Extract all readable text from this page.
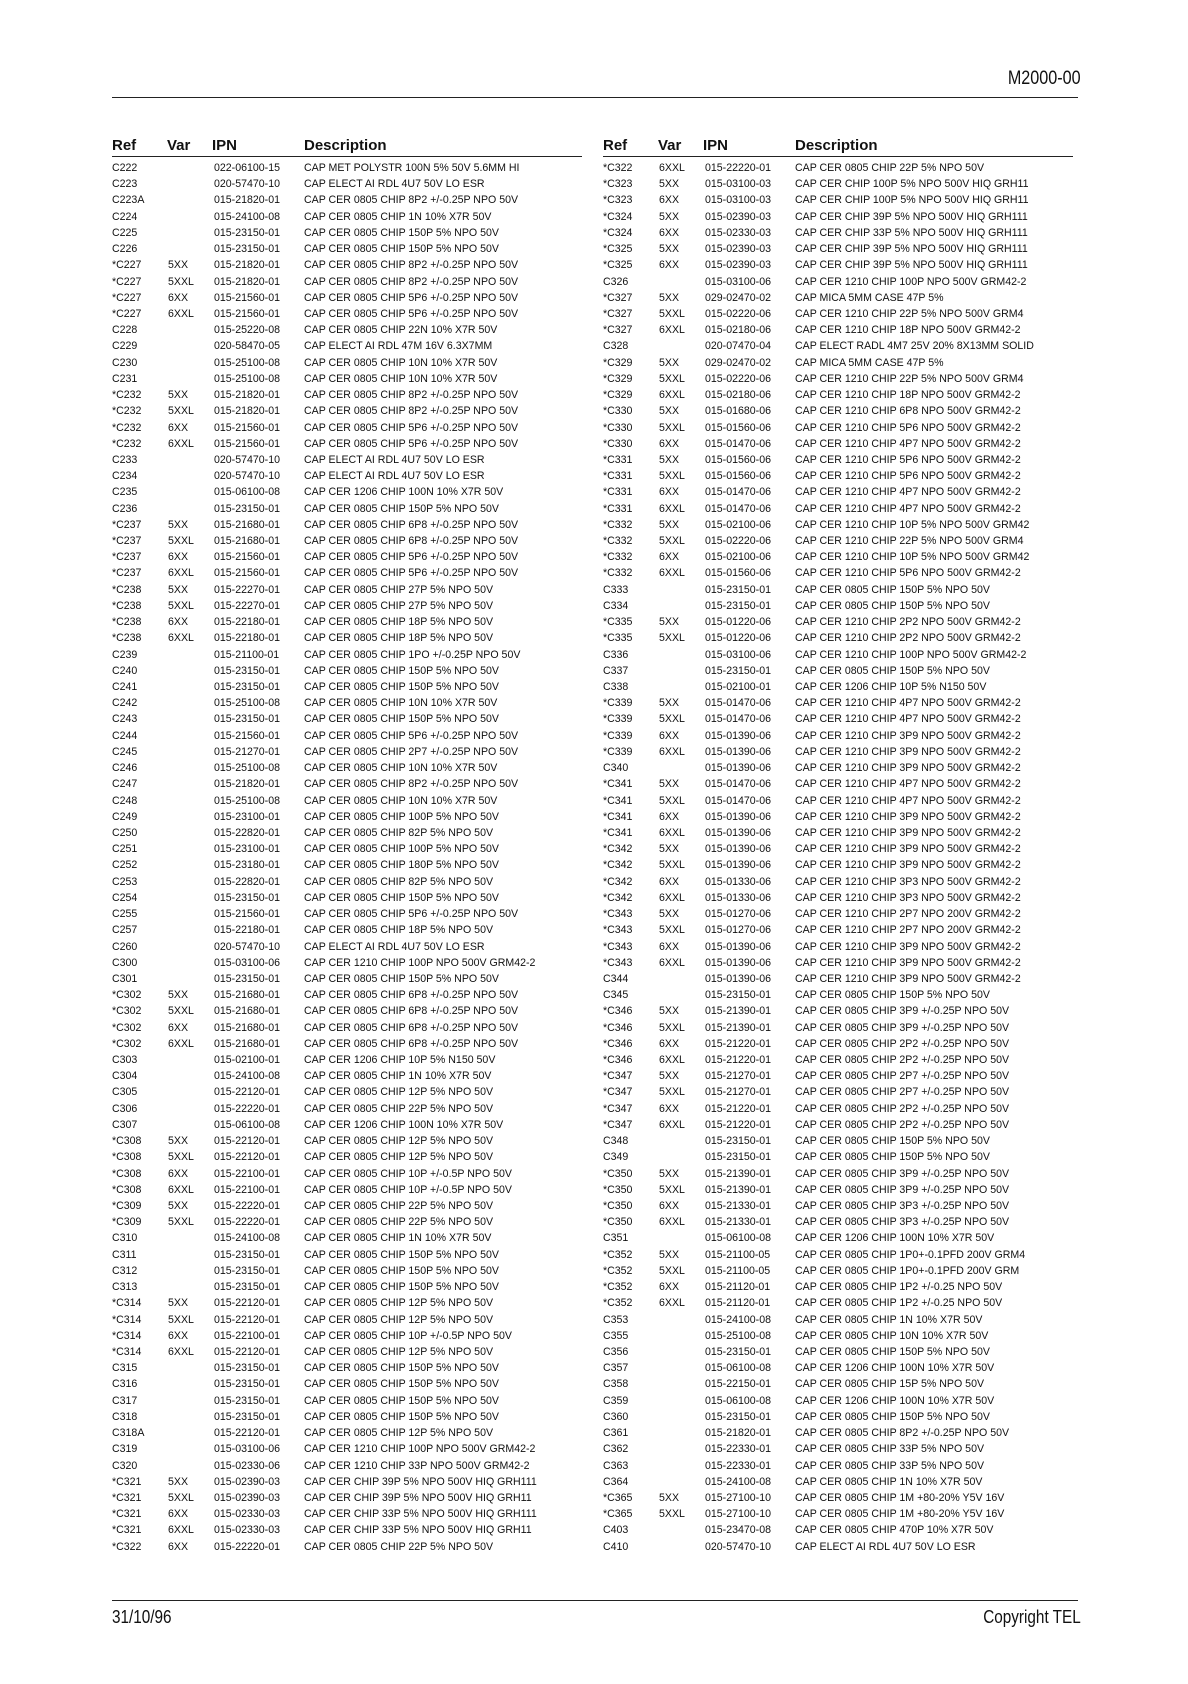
M2000-00
Ref Var IPN	Description
C222	022-06100-15 CAP MET POLYSTR 100N 5% 50V 5.6MM HI
C223	020-57470-10 CAP ELECT AI RDL 4U7 50V LO ESR
C223A	015-21820-01 CAP CER 0805 CHIP 8P2 +/-0.25P NPO 50V
C224	015-24100-08 CAP CER 0805 CHIP 1N 10% X7R 50V
C225	015-23150-01 CAP CER 0805 CHIP 150P 5% NPO 50V
C226	015-23150-01 CAP CER 0805 CHIP 150P 5% NPO 50V
*C227	5XX 015-21820-01 CAP CER 0805 CHIP 8P2 +/-0.25P NPO 50V
*C227	5XXL 015-21820-01 CAP CER 0805 CHIP 8P2 +/-0.25P NPO 50V
*C227	6XX 015-21560-01 CAP CER 0805 CHIP 5P6 +/-0.25P NPO 50V
*C227	6XXL 015-21560-01 CAP CER 0805 CHIP 5P6 +/-0.25P NPO 50V
C228	015-25220-08 CAP CER 0805 CHIP 22N 10% X7R 50V
C229	020-58470-05 CAP ELECT AI RDL 47M 16V 6.3X7MM
C230	015-25100-08 CAP CER 0805 CHIP 10N 10% X7R 50V
C231	015-25100-08 CAP CER 0805 CHIP 10N 10% X7R 50V
*C232	5XX 015-21820-01 CAP CER 0805 CHIP 8P2 +/-0.25P NPO 50V
*C232	5XXL 015-21820-01 CAP CER 0805 CHIP 8P2 +/-0.25P NPO 50V
*C232	6XX 015-21560-01 CAP CER 0805 CHIP 5P6 +/-0.25P NPO 50V
*C232	6XXL 015-21560-01 CAP CER 0805 CHIP 5P6 +/-0.25P NPO 50V
C233	020-57470-10 CAP ELECT AI RDL 4U7 50V LO ESR
C234	020-57470-10 CAP ELECT AI RDL 4U7 50V LO ESR
C235	015-06100-08 CAP CER 1206 CHIP 100N 10% X7R 50V
C236	015-23150-01 CAP CER 0805 CHIP 150P 5% NPO 50V
*C237	5XX 015-21680-01 CAP CER 0805 CHIP 6P8 +/-0.25P NPO 50V
*C237	5XXL 015-21680-01 CAP CER 0805 CHIP 6P8 +/-0.25P NPO 50V
*C237	6XX 015-21560-01 CAP CER 0805 CHIP 5P6 +/-0.25P NPO 50V
*C237	6XXL 015-21560-01 CAP CER 0805 CHIP 5P6 +/-0.25P NPO 50V
*C238	5XX 015-22270-01 CAP CER 0805 CHIP 27P 5% NPO 50V
*C238	5XXL 015-22270-01 CAP CER 0805 CHIP 27P 5% NPO 50V
*C238	6XX 015-22180-01 CAP CER 0805 CHIP 18P 5% NPO 50V
*C238	6XXL 015-22180-01 CAP CER 0805 CHIP 18P 5% NPO 50V
C239	015-21100-01 CAP CER 0805 CHIP 1PO +/-0.25P NPO 50V
C240	015-23150-01 CAP CER 0805 CHIP 150P 5% NPO 50V
C241	015-23150-01 CAP CER 0805 CHIP 150P 5% NPO 50V
C242	015-25100-08 CAP CER 0805 CHIP 10N 10% X7R 50V
C243	015-23150-01 CAP CER 0805 CHIP 150P 5% NPO 50V
C244	015-21560-01 CAP CER 0805 CHIP 5P6 +/-0.25P NPO 50V
C245	015-21270-01 CAP CER 0805 CHIP 2P7 +/-0.25P NPO 50V
C246	015-25100-08 CAP CER 0805 CHIP 10N 10% X7R 50V
C247	015-21820-01 CAP CER 0805 CHIP 8P2 +/-0.25P NPO 50V
C248	015-25100-08 CAP CER 0805 CHIP 10N 10% X7R 50V
C249	015-23100-01 CAP CER 0805 CHIP 100P 5% NPO 50V
C250	015-22820-01 CAP CER 0805 CHIP 82P 5% NPO 50V
C251	015-23100-01 CAP CER 0805 CHIP 100P 5% NPO 50V
C252	015-23180-01 CAP CER 0805 CHIP 180P 5% NPO 50V
C253	015-22820-01 CAP CER 0805 CHIP 82P 5% NPO 50V
C254	015-23150-01 CAP CER 0805 CHIP 150P 5% NPO 50V
C255	015-21560-01 CAP CER 0805 CHIP 5P6 +/-0.25P NPO 50V
C257	015-22180-01 CAP CER 0805 CHIP 18P 5% NPO 50V
C260	020-57470-10 CAP ELECT AI RDL 4U7 50V LO ESR
C300	015-03100-06 CAP CER 1210 CHIP 100P NPO 500V GRM42-2
C301	015-23150-01 CAP CER 0805 CHIP 150P 5% NPO 50V
*C302	5XX 015-21680-01 CAP CER 0805 CHIP 6P8 +/-0.25P NPO 50V
*C302	5XXL 015-21680-01 CAP CER 0805 CHIP 6P8 +/-0.25P NPO 50V
*C302	6XX 015-21680-01 CAP CER 0805 CHIP 6P8 +/-0.25P NPO 50V
*C302	6XXL 015-21680-01 CAP CER 0805 CHIP 6P8 +/-0.25P NPO 50V
C303	015-02100-01 CAP CER 1206 CHIP 10P 5% N150 50V
C304	015-24100-08 CAP CER 0805 CHIP 1N 10% X7R 50V
C305	015-22120-01 CAP CER 0805 CHIP 12P 5% NPO 50V
C306	015-22220-01 CAP CER 0805 CHIP 22P 5% NPO 50V
C307	015-06100-08 CAP CER 1206 CHIP 100N 10% X7R 50V
*C308	5XX 015-22120-01 CAP CER 0805 CHIP 12P 5% NPO 50V
*C308	5XXL 015-22120-01 CAP CER 0805 CHIP 12P 5% NPO 50V
*C308	6XX 015-22100-01 CAP CER 0805 CHIP 10P +/-0.5P NPO 50V
*C308	6XXL 015-22100-01 CAP CER 0805 CHIP 10P +/-0.5P NPO 50V
*C309	5XX 015-22220-01 CAP CER 0805 CHIP 22P 5% NPO 50V
*C309	5XXL 015-22220-01 CAP CER 0805 CHIP 22P 5% NPO 50V
C310	015-24100-08 CAP CER 0805 CHIP 1N 10% X7R 50V
C311	015-23150-01 CAP CER 0805 CHIP 150P 5% NPO 50V
C312	015-23150-01 CAP CER 0805 CHIP 150P 5% NPO 50V
C313	015-23150-01 CAP CER 0805 CHIP 150P 5% NPO 50V
*C314	5XX 015-22120-01 CAP CER 0805 CHIP 12P 5% NPO 50V
*C314	5XXL 015-22120-01 CAP CER 0805 CHIP 12P 5% NPO 50V
*C314	6XX 015-22100-01 CAP CER 0805 CHIP 10P +/-0.5P NPO 50V
*C314	6XXL 015-22120-01 CAP CER 0805 CHIP 12P 5% NPO 50V
C315	015-23150-01 CAP CER 0805 CHIP 150P 5% NPO 50V
C316	015-23150-01 CAP CER 0805 CHIP 150P 5% NPO 50V
C317	015-23150-01 CAP CER 0805 CHIP 150P 5% NPO 50V
C318	015-23150-01 CAP CER 0805 CHIP 150P 5% NPO 50V
C318A	015-22120-01 CAP CER 0805 CHIP 12P 5% NPO 50V
C319	015-03100-06 CAP CER 1210 CHIP 100P NPO 500V GRM42-2
C320	015-02330-06 CAP CER 1210 CHIP 33P NPO 500V GRM42-2
*C321	5XX 015-02390-03 CAP CER CHIP 39P 5% NPO 500V HIQ GRH111
*C321	5XXL 015-02390-03 CAP CER CHIP 39P 5% NPO 500V HIQ GRH11
*C321	6XX 015-02330-03 CAP CER CHIP 33P 5% NPO 500V HIQ GRH111
*C321	6XXL 015-02330-03 CAP CER CHIP 33P 5% NPO 500V HIQ GRH11
*C322	6XX 015-22220-01 CAP CER 0805 CHIP 22P 5% NPO 50V
Ref Var IPN	Description
*C322	6XXL 015-22220-01 CAP CER 0805 CHIP 22P 5% NPO 50V
*C323	5XX 015-03100-03 CAP CER CHIP 100P 5% NPO 500V HIQ GRH11
*C323	6XX 015-03100-03 CAP CER CHIP 100P 5% NPO 500V HIQ GRH11
*C324	5XX 015-02390-03 CAP CER CHIP 39P 5% NPO 500V HIQ GRH111
*C324	6XX 015-02330-03 CAP CER CHIP 33P 5% NPO 500V HIQ GRH111
*C325	5XX 015-02390-03 CAP CER CHIP 39P 5% NPO 500V HIQ GRH111
*C325	6XX 015-02390-03 CAP CER CHIP 39P 5% NPO 500V HIQ GRH111
C326	015-03100-06 CAP CER 1210 CHIP 100P NPO 500V GRM42-2
*C327	5XX 029-02470-02 CAP MICA 5MM CASE 47P 5%
*C327	5XXL 015-02220-06 CAP CER 1210 CHIP 22P 5% NPO 500V GRM4
*C327	6XXL 015-02180-06 CAP CER 1210 CHIP 18P NPO 500V GRM42-2
C328	020-07470-04 CAP ELECT RADL 4M7 25V 20% 8X13MM SOLID
*C329	5XX 029-02470-02 CAP MICA 5MM CASE 47P 5%
*C329	5XXL 015-02220-06 CAP CER 1210 CHIP 22P 5% NPO 500V GRM4
*C329	6XXL 015-02180-06 CAP CER 1210 CHIP 18P NPO 500V GRM42-2
*C330	5XX 015-01680-06 CAP CER 1210 CHIP 6P8 NPO 500V GRM42-2
*C330	5XXL 015-01560-06 CAP CER 1210 CHIP 5P6 NPO 500V GRM42-2
*C330	6XX 015-01470-06 CAP CER 1210 CHIP 4P7 NPO 500V GRM42-2
*C331	5XX 015-01560-06 CAP CER 1210 CHIP 5P6 NPO 500V GRM42-2
*C331	5XXL 015-01560-06 CAP CER 1210 CHIP 5P6 NPO 500V GRM42-2
*C331	6XX 015-01470-06 CAP CER 1210 CHIP 4P7 NPO 500V GRM42-2
*C331	6XXL 015-01470-06 CAP CER 1210 CHIP 4P7 NPO 500V GRM42-2
*C332	5XX 015-02100-06 CAP CER 1210 CHIP 10P 5% NPO 500V GRM42
*C332	5XXL 015-02220-06 CAP CER 1210 CHIP 22P 5% NPO 500V GRM4
*C332	6XX 015-02100-06 CAP CER 1210 CHIP 10P 5% NPO 500V GRM42
*C332	6XXL 015-01560-06 CAP CER 1210 CHIP 5P6 NPO 500V GRM42-2
C333	015-23150-01 CAP CER 0805 CHIP 150P 5% NPO 50V
C334	015-23150-01 CAP CER 0805 CHIP 150P 5% NPO 50V
*C335	5XX 015-01220-06 CAP CER 1210 CHIP 2P2 NPO 500V GRM42-2
*C335	5XXL 015-01220-06 CAP CER 1210 CHIP 2P2 NPO 500V GRM42-2
C336	015-03100-06 CAP CER 1210 CHIP 100P NPO 500V GRM42-2
C337	015-23150-01 CAP CER 0805 CHIP 150P 5% NPO 50V
C338	015-02100-01 CAP CER 1206 CHIP 10P 5% N150 50V
*C339	5XX 015-01470-06 CAP CER 1210 CHIP 4P7 NPO 500V GRM42-2
*C339	5XXL 015-01470-06 CAP CER 1210 CHIP 4P7 NPO 500V GRM42-2
*C339	6XX 015-01390-06 CAP CER 1210 CHIP 3P9 NPO 500V GRM42-2
*C339	6XXL 015-01390-06 CAP CER 1210 CHIP 3P9 NPO 500V GRM42-2
C340	015-01390-06 CAP CER 1210 CHIP 3P9 NPO 500V GRM42-2
*C341	5XX 015-01470-06 CAP CER 1210 CHIP 4P7 NPO 500V GRM42-2
*C341	5XXL 015-01470-06 CAP CER 1210 CHIP 4P7 NPO 500V GRM42-2
*C341	6XX 015-01390-06 CAP CER 1210 CHIP 3P9 NPO 500V GRM42-2
*C341	6XXL 015-01390-06 CAP CER 1210 CHIP 3P9 NPO 500V GRM42-2
*C342	5XX 015-01390-06 CAP CER 1210 CHIP 3P9 NPO 500V GRM42-2
*C342	5XXL 015-01390-06 CAP CER 1210 CHIP 3P9 NPO 500V GRM42-2
*C342	6XX 015-01330-06 CAP CER 1210 CHIP 3P3 NPO 500V GRM42-2
*C342	6XXL 015-01330-06 CAP CER 1210 CHIP 3P3 NPO 500V GRM42-2
*C343	5XX 015-01270-06 CAP CER 1210 CHIP 2P7 NPO 200V GRM42-2
*C343	5XXL 015-01270-06 CAP CER 1210 CHIP 2P7 NPO 200V GRM42-2
*C343	6XX 015-01390-06 CAP CER 1210 CHIP 3P9 NPO 500V GRM42-2
*C343	6XXL 015-01390-06 CAP CER 1210 CHIP 3P9 NPO 500V GRM42-2
C344	015-01390-06 CAP CER 1210 CHIP 3P9 NPO 500V GRM42-2
C345	015-23150-01 CAP CER 0805 CHIP 150P 5% NPO 50V
*C346	5XX 015-21390-01 CAP CER 0805 CHIP 3P9 +/-0.25P NPO 50V
*C346	5XXL 015-21390-01 CAP CER 0805 CHIP 3P9 +/-0.25P NPO 50V
*C346	6XX 015-21220-01 CAP CER 0805 CHIP 2P2 +/-0.25P NPO 50V
*C346	6XXL 015-21220-01 CAP CER 0805 CHIP 2P2 +/-0.25P NPO 50V
*C347	5XX 015-21270-01 CAP CER 0805 CHIP 2P7 +/-0.25P NPO 50V
*C347	5XXL 015-21270-01 CAP CER 0805 CHIP 2P7 +/-0.25P NPO 50V
*C347	6XX 015-21220-01 CAP CER 0805 CHIP 2P2 +/-0.25P NPO 50V
*C347	6XXL 015-21220-01 CAP CER 0805 CHIP 2P2 +/-0.25P NPO 50V
C348	015-23150-01 CAP CER 0805 CHIP 150P 5% NPO 50V
C349	015-23150-01 CAP CER 0805 CHIP 150P 5% NPO 50V
*C350	5XX 015-21390-01 CAP CER 0805 CHIP 3P9 +/-0.25P NPO 50V
*C350	5XXL 015-21390-01 CAP CER 0805 CHIP 3P9 +/-0.25P NPO 50V
*C350	6XX 015-21330-01 CAP CER 0805 CHIP 3P3 +/-0.25P NPO 50V
*C350	6XXL 015-21330-01 CAP CER 0805 CHIP 3P3 +/-0.25P NPO 50V
C351	015-06100-08 CAP CER 1206 CHIP 100N 10% X7R 50V
*C352	5XX 015-21100-05 CAP CER 0805 CHIP 1P0+-0.1PFD 200V GRM4
*C352	5XXL 015-21100-05 CAP CER 0805 CHIP 1P0+-0.1PFD 200V GRM
*C352	6XX 015-21120-01 CAP CER 0805 CHIP 1P2 +/-0.25 NPO 50V
*C352	6XXL 015-21120-01 CAP CER 0805 CHIP 1P2 +/-0.25 NPO 50V
C353	015-24100-08 CAP CER 0805 CHIP 1N 10% X7R 50V
C355	015-25100-08 CAP CER 0805 CHIP 10N 10% X7R 50V
C356	015-23150-01 CAP CER 0805 CHIP 150P 5% NPO 50V
C357	015-06100-08 CAP CER 1206 CHIP 100N 10% X7R 50V
C358	015-22150-01 CAP CER 0805 CHIP 15P 5% NPO 50V
C359	015-06100-08 CAP CER 1206 CHIP 100N 10% X7R 50V
C360	015-23150-01 CAP CER 0805 CHIP 150P 5% NPO 50V
C361	015-21820-01 CAP CER 0805 CHIP 8P2 +/-0.25P NPO 50V
C362	015-22330-01 CAP CER 0805 CHIP 33P 5% NPO 50V
C363	015-22330-01 CAP CER 0805 CHIP 33P 5% NPO 50V
C364	015-24100-08 CAP CER 0805 CHIP 1N 10% X7R 50V
*C365	5XX 015-27100-10 CAP CER 0805 CHIP 1M +80-20% Y5V 16V
*C365	5XXL 015-27100-10 CAP CER 0805 CHIP 1M +80-20% Y5V 16V
C403	015-23470-08 CAP CER 0805 CHIP 470P 10% X7R 50V
C410	020-57470-10 CAP ELECT AI RDL 4U7 50V LO ESR
31/10/96	Copyright TEL
